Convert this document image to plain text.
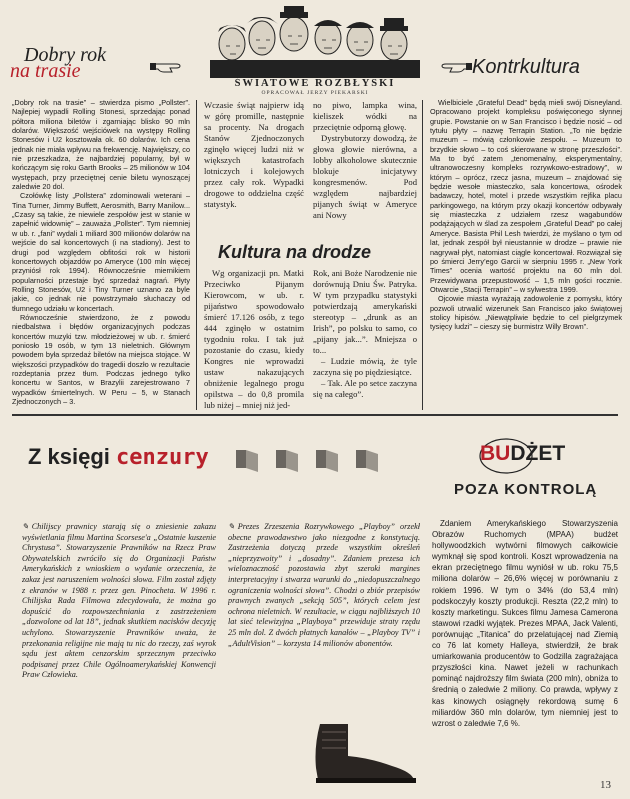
Dobry rok
na trasie
ŚWIATOWE ROZBŁYSKI
OPRACOWAŁ JERZY PIEKARSKI
Kontrkultura

„Dobry rok na trasie” – stwierdza pismo „Pollster”. Najlepiej wypadli Rolling Stonesi, sprzedając ponad półtora miliona biletów i zgarniając blisko 90 mln dolarów. Większość wejściówek na występy Rolling Stonesów i U2 kosztowała ok. 60 dolarów. Ich cena jednak nie miała wpływu na frekwencję. Największy, co nie przeszkadza, że najbardziej popularny, był w kończącym się roku Garth Brooks – 25 milionów w 104 występach, przy przeciętnej cenie biletu wynoszącej zaledwie 20 dol.

Czołówkę listy „Pollstera” zdominowali weterani – Tina Turner, Jimmy Buffett, Aerosmith, Barry Manilow... „Czasy są takie, że niewiele zespołów jest w stanie w zapełnić widownię” – zauważa „Pollster”. Tym niemniej w ub. r. „fani” wydali 1 miliard 300 milionów dolarów na wejście do sal koncertowych (i na stadiony). Jest to drugi pod względem obfitości rok w historii koncertowych objazdów po Ameryce (100 mln więcej przyniósł rok 1994). Równocześnie miernikiem popularności przestaje być sprzedaż nagrań. Płyty Rolling Stonesów, U2 i Tiny Turner uznano za byle jakie, co jednak nie powstrzymało słuchaczy od tłumnego udziału w koncertach.

Równocześnie stwierdzono, że z powodu niedbalstwa i błędów organizacyjnych podczas koncertów muzyki tzw. młodzieżowej w ub. r. śmierć poniosło 19 osób, w tym 13 nieletnich. Głównym powodem była sprzedaż biletów na miejsca stojące. W większości przypadków do tragedii doszło w rezultacie rozdeptania przez tłum. Podczas jednego tylko koncertu w Santos, w Brazylii zarejestrowano 7 wypadków śmiertelnych. W Peru – 5, w Stanach Zjednoczonych – 3.

Wczasie świąt najpierw idą w górę promille, następnie sa procenty. Na drogach Stanów Zjednoczonych zginęło więcej ludzi niż w większych katastrofach lotniczych i kolejowych przez cały rok. Wypadki drogowe to oddzielna część statystyk.

no piwo, lampka wina, kieliszek wódki na przeciętnie odporną głowę.

Dystrybutorzy dowodzą, że głowa głowie nierówna, a lobby alkoholowe skutecznie blokuje inicjatywy kongresmenów. Pod względem najbardziej pijanych świąt w Ameryce ani Nowy

Kultura na drodze

Wg organizacji pn. Matki Przeciwko Pijanym Kierowcom, w ub. r. pijaństwo spowodowało śmierć 17.126 osób, z tego 444 zginęło w ostatnim tygodniu roku. I tak już pozostanie do czasu, kiedy Kongres nie wprowadzi ustaw nakazujących obniżenie legalnego progu opilstwa – do 0,8 promila lub niżej – mniej niż jed-

Rok, ani Boże Narodzenie nie dorównują Dniu Św. Patryka. W tym przypadku statystyki potwierdzają amerykański stereotyp – „drunk as an Irish”, po polsku to samo, co „pijany jak...”. Mniejsza o to...

– Ludzie mówią, że tyle zaczyna się po piędziesiątce.

– Tak. Ale po setce zaczyna się na całego”.

Wielbiciele „Grateful Dead” będą mieli swój Disneyland. Opracowano projekt kompleksu poświęconego słynnej grupie. Powstanie on w San Francisco i będzie nosić – od tytułu płyty – nazwę Terrapin Station. „To nie będzie muzeum – mówią członkowie zespołu. – Muzeum to brzydkie słowo – to coś skierowane w stronę przeszłości”. Ma to być zatem „tenomenalny, eksperymentalny, ultranowoczesny kompleks rozrywkowo-estradowy”, w którym – oprócz, rzecz jasna, muzeum – znajdować się będzie wesołe miasteczko, sala koncertowa, ośrodek badawczy, hotel, motel i przede wszystkim rejfika placu parkingowego, na którym przy okazji koncertów odbywały się miasteczka z udziałem rzesz wagabundów podążających w ślad za zespołem „Grateful Dead” po całej Ameryce. Basista Phil Lesh twierdzi, że myślano o tym od lat, jednak zespół był nieustannie w drodze – prawie nie nagrywał płyt, natomiast ciągle koncertował. Rozwiązał się po śmierci Jerry’ego Garcii w sierpniu 1995 r. „New York Times” ocenia wartość projektu na 60 mln dol. Przewidywana przepustowość – 1,5 mln gości rocznie. Otwarcie „Stacji Terrapin” – w sylwestra 1999.

Ojcowie miasta wyrażają zadowolenie z pomysłu, który pozwoli utrwalić wizerunek San Francisco jako świątowej stolicy hipisów. „Niewątpliwie będzie to cel pielgrzymek tysięcy ludzi” – cieszy się burmistrz Willy Brown”.

Z księgi cenzury

✎ Chilijscy prawnicy starają się o zniesienie zakazu wyświetlania filmu Martina Scorsese'a „Ostatnie kuszenie Chrystusa”. Stowarzyszenie Prawników na Rzecz Praw Obywatelskich zwróciło się do Organizacji Państw Amerykańskich z wnioskiem o wydanie orzeczenia, że zakaz jest naruszeniem wolności słowa. Film został zdjęty z ekranów w 1988 r. przez gen. Pinocheta. W 1996 r. Chilijska Rada Filmowa zdecydowała, że można go dopuścić do rozpowszechniania z zastrzeżeniem „dozwolone od lat 18”, jednak skutkiem nacisków decyzję uchylono. Stowarzyszenie Prawników uważa, że przekonania religijne nie mają tu nic do rzeczy, zaś wyrok sądu jest aktem cenzorskim sprzecznym przeciwko podpisanej przez Chile Ogólnoamerykańskiej Konwencji Praw Człowieka.

✎ Prezes Zrzeszenia Rozrywkowego „Playboy” orzekł obecne prawodawstwo jako niezgodne z konstytucją. Zastrzeżenia dotyczą przede wszystkim określeń „nieprzyzwoity” i „dosadny”. Zdaniem prezesa ich wieloznaczność pozostawia zbyt szeroki margines interpretacyjny i stwarza warunki do „niedopuszczalnego ograniczenia wolności słowa”. Chodzi o zbiór przepisów prawnych zwanych „sekcją 505”, których celem jest ochrona nieletnich. W rezultacie, w ciągu najbliższych 10 lat sieć telewizyjna „Playboya” przewiduje straty rzędu 25 mln dol. Z dwóch płatnych kanałów – „Playboy TV” i „AdultVision” – korzysta 14 milionów abonentów.

BUDŻET
POZA KONTROLĄ

Zdaniem Amerykańskiego Stowarzyszenia Obrazów Ruchomych (MPAA) budżet hollywoodzkich wytwórni filmowych całkowicie wymknął się spod kontroli. Koszt wprowadzenia na ekran przeciętnego filmu wyniósł w ub. roku 75,5 miliona dolarów – 26,6% więcej w porównaniu z rokiem 1996. W tym o 34% (do 53,4 mln) podskoczyły koszty produkcji. Reszta (22,2 mln) to koszty marketingu. Sukces filmu Jamesa Camerona stawowi rzadki wyjątek. Prezes MPAA, Jack Valenti, porównując „Titanica” do przelatującej nad Ziemią co 76 lat komety Halleya, stwierdził, że brak umiarkowania producentów to Godzilla zagrażająca przyszłości kina. Nawet jeżeli w rachunkach pominąć najdroższy film świata (200 mln), obniża to średnią o zaledwie 2 miliony. Co prawda, wpływy z kas kinowych osiągnęły rekordową sumę 6 miliardów 360 mln dolarów, tym niemniej jest to wzrost o zaledwie 7,6 %.

13
